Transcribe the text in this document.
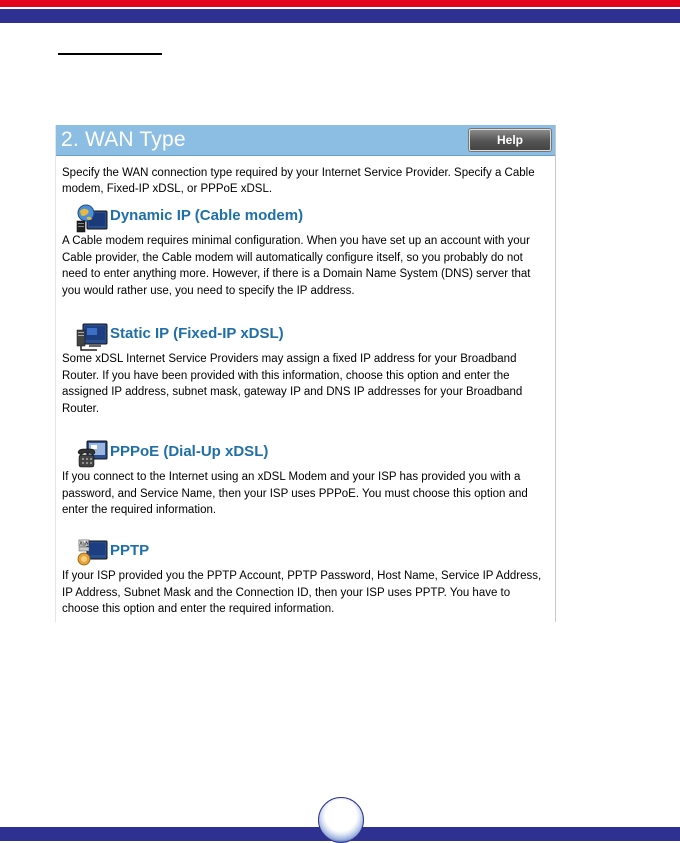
2. WAN Type	Help
Specify the WAN connection type required by your Internet Service Provider. Specify a Cable modem, Fixed-IP xDSL, or PPPoE xDSL.
Dynamic IP (Cable modem)
A Cable modem requires minimal configuration. When you have set up an account with your Cable provider, the Cable modem will automatically configure itself, so you probably do not need to enter anything more. However, if there is a Domain Name System (DNS) server that you would rather use, you need to specify the IP address.
Static IP (Fixed-IP xDSL)
Some xDSL Internet Service Providers may assign a fixed IP address for your Broadband Router. If you have been provided with this information, choose this option and enter the assigned IP address, subnet mask, gateway IP and DNS IP addresses for your Broadband Router.
PPPoE (Dial-Up xDSL)
If you connect to the Internet using an xDSL Modem and your ISP has provided you with a password, and Service Name, then your ISP uses PPPoE. You must choose this option and enter the required information.
PPTP
If your ISP provided you the PPTP Account, PPTP Password, Host Name, Service IP Address, IP Address, Subnet Mask and the Connection ID, then your ISP uses PPTP. You have to choose this option and enter the required information.
